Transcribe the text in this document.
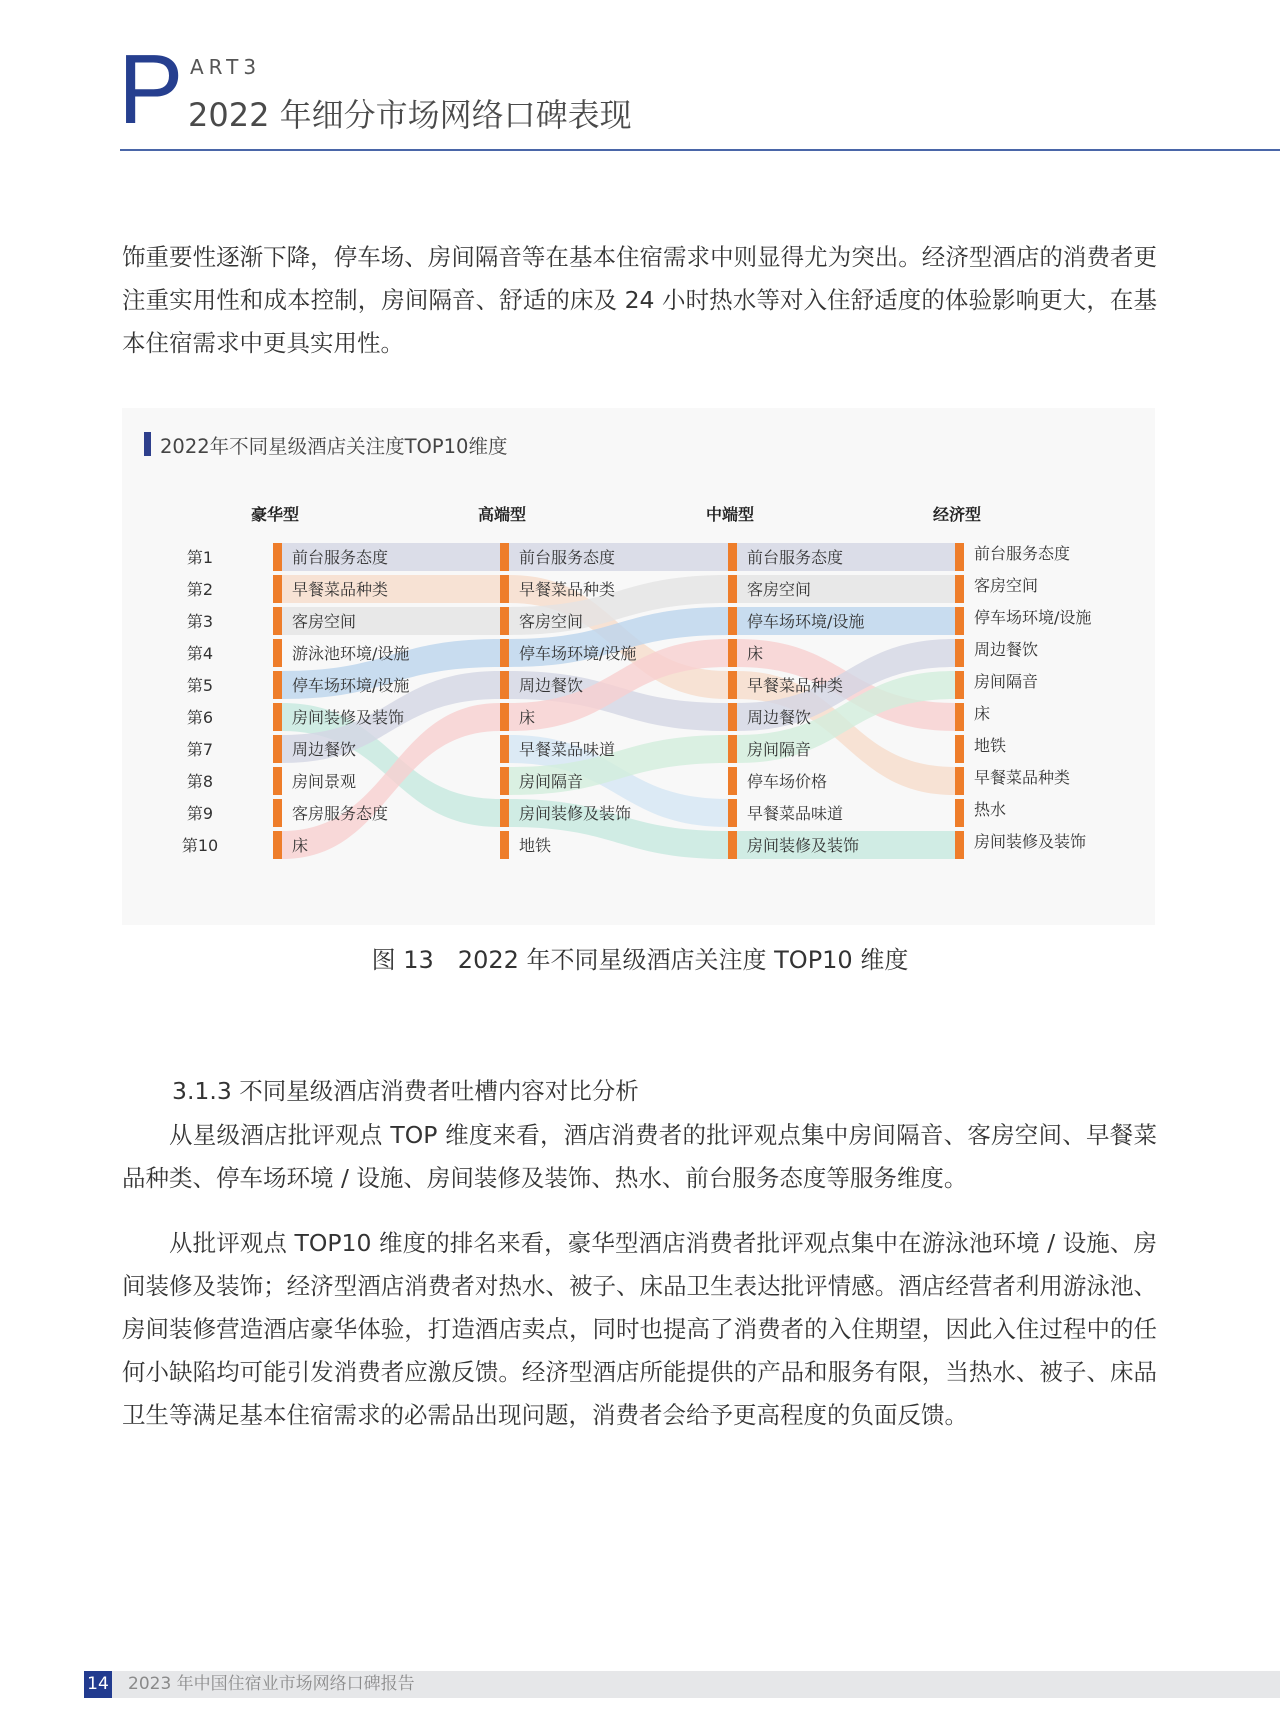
P ART3
2022 年细分市场网络口碑表现
饰重要性逐渐下降，停车场、房间隔音等在基本住宿需求中则显得尤为突出。经济型酒店的消费者更注重实用性和成本控制，房间隔音、舒适的床及 24 小时热水等对入住舒适度的体验影响更大，在基本住宿需求中更具实用性。
2022年不同星级酒店关注度TOP10维度
第1
第2
第3
第4
第5
第6
第7
第8
第9
第10
豪华型
前台服务态度
早餐菜品种类
客房空间
游泳池环境/设施
停车场环境/设施
房间装修及装饰
周边餐饮
房间景观
客房服务态度
床
高端型
前台服务态度
早餐菜品种类
客房空间
停车场环境/设施
周边餐饮
床
早餐菜品味道
房间隔音
房间装修及装饰
地铁
中端型
前台服务态度
客房空间
停车场环境/设施
床
早餐菜品种类
周边餐饮
房间隔音
停车场价格
早餐菜品味道
房间装修及装饰
经济型
前台服务态度
客房空间
停车场环境/设施
周边餐饮
房间隔音
床
地铁
早餐菜品种类
热水
房间装修及装饰
图 13　2022 年不同星级酒店关注度 TOP10 维度
3.1.3 不同星级酒店消费者吐槽内容对比分析
从星级酒店批评观点 TOP 维度来看，酒店消费者的批评观点集中房间隔音、客房空间、早餐菜品种类、停车场环境 / 设施、房间装修及装饰、热水、前台服务态度等服务维度。
从批评观点 TOP10 维度的排名来看，豪华型酒店消费者批评观点集中在游泳池环境 / 设施、房间装修及装饰；经济型酒店消费者对热水、被子、床品卫生表达批评情感。酒店经营者利用游泳池、房间装修营造酒店豪华体验，打造酒店卖点，同时也提高了消费者的入住期望，因此入住过程中的任何小缺陷均可能引发消费者应激反馈。经济型酒店所能提供的产品和服务有限，当热水、被子、床品卫生等满足基本住宿需求的必需品出现问题，消费者会给予更高程度的负面反馈。
14 2023 年中国住宿业市场网络口碑报告
